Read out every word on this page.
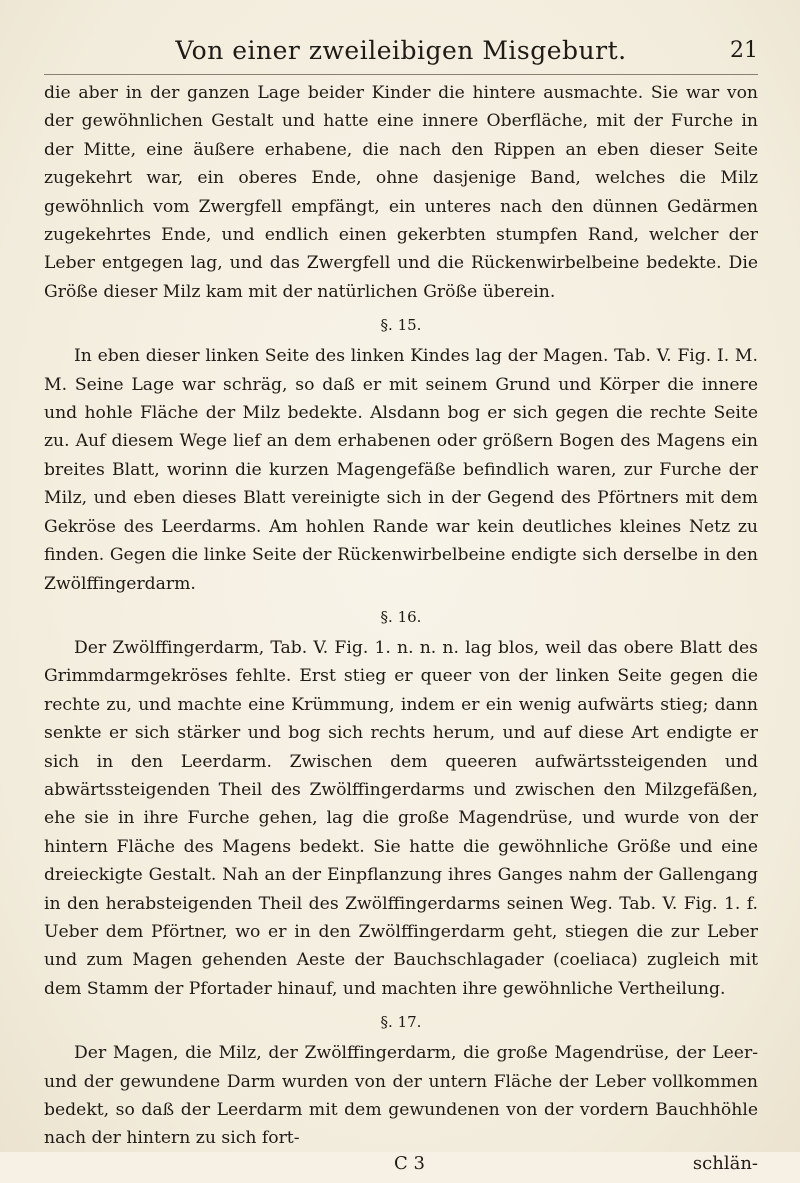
Von einer zweileibigen Misgeburt.	21

die aber in der ganzen Lage beider Kinder die hintere ausmachte. Sie war von der gewöhnlichen Gestalt und hatte eine innere Oberfläche, mit der Furche in der Mitte, eine äußere erhabene, die nach den Rippen an eben dieser Seite zugekehrt war, ein oberes Ende, ohne dasjenige Band, welches die Milz gewöhnlich vom Zwergfell empfängt, ein unteres nach den dünnen Gedärmen zugekehrtes Ende, und endlich einen gekerbten stumpfen Rand, welcher der Leber entgegen lag, und das Zwergfell und die Rückenwirbelbeine bedekte. Die Größe dieser Milz kam mit der natürlichen Größe überein.

§. 15.

In eben dieser linken Seite des linken Kindes lag der Magen. Tab. V. Fig. I. M. M. Seine Lage war schräg, so daß er mit seinem Grund und Körper die innere und hohle Fläche der Milz bedekte. Alsdann bog er sich gegen die rechte Seite zu. Auf diesem Wege lief an dem erhabenen oder größern Bogen des Magens ein breites Blatt, worinn die kurzen Magengefäße befindlich waren, zur Furche der Milz, und eben dieses Blatt vereinigte sich in der Gegend des Pförtners mit dem Gekröse des Leerdarms. Am hohlen Rande war kein deutliches kleines Netz zu finden. Gegen die linke Seite der Rückenwirbelbeine endigte sich derselbe in den Zwölffingerdarm.

§. 16.

Der Zwölffingerdarm, Tab. V. Fig. 1. n. n. n. lag blos, weil das obere Blatt des Grimmdarmgekröses fehlte. Erst stieg er queer von der linken Seite gegen die rechte zu, und machte eine Krümmung, indem er ein wenig aufwärts stieg; dann senkte er sich stärker und bog sich rechts herum, und auf diese Art endigte er sich in den Leerdarm. Zwischen dem queeren aufwärtssteigenden und abwärtssteigenden Theil des Zwölffingerdarms und zwischen den Milzgefäßen, ehe sie in ihre Furche gehen, lag die große Magendrüse, und wurde von der hintern Fläche des Magens bedekt. Sie hatte die gewöhnliche Größe und eine dreieckigte Gestalt. Nah an der Einpflanzung ihres Ganges nahm der Gallengang in den herabsteigenden Theil des Zwölffingerdarms seinen Weg. Tab. V. Fig. 1. f. Ueber dem Pförtner, wo er in den Zwölffingerdarm geht, stiegen die zur Leber und zum Magen gehenden Aeste der Bauchschlagader (coeliaca) zugleich mit dem Stamm der Pfortader hinauf, und machten ihre gewöhnliche Vertheilung.

§. 17.

Der Magen, die Milz, der Zwölffingerdarm, die große Magendrüse, der Leer- und der gewundene Darm wurden von der untern Fläche der Leber vollkommen bedekt, so daß der Leerdarm mit dem gewundenen von der vordern Bauchhöhle nach der hintern zu sich fort-

C 3	schlän-
